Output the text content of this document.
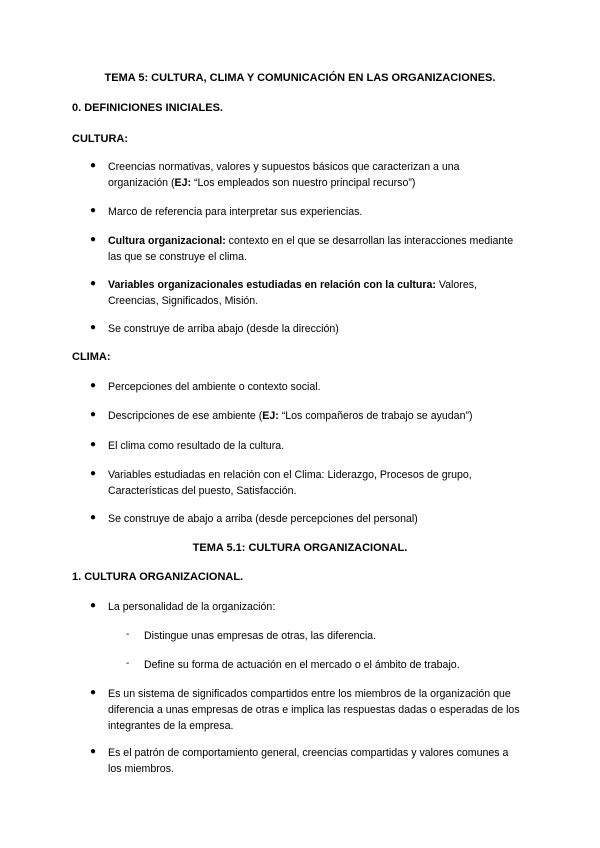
TEMA 5: CULTURA, CLIMA Y COMUNICACIÓN EN LAS ORGANIZACIONES.
0. DEFINICIONES INICIALES.
CULTURA:
●	Creencias normativas, valores y supuestos básicos que caracterizan a una organización (EJ: “Los empleados son nuestro principal recurso”)
●	Marco de referencia para interpretar sus experiencias.
●	Cultura organizacional: contexto en el que se desarrollan las interacciones mediante las que se construye el clima.
●	Variables organizacionales estudiadas en relación con la cultura: Valores, Creencias, Significados, Misión.
●	Se construye de arriba abajo (desde la dirección)
CLIMA:
●	Percepciones del ambiente o contexto social.
●	Descripciones de ese ambiente (EJ: “Los compañeros de trabajo se ayudan”)
●	El clima como resultado de la cultura.
●	Variables estudiadas en relación con el Clima: Liderazgo, Procesos de grupo, Características del puesto, Satisfacción.
●	Se construye de abajo a arriba (desde percepciones del personal)
TEMA 5.1: CULTURA ORGANIZACIONAL.
1. CULTURA ORGANIZACIONAL.
●	La personalidad de la organización:
- Distingue unas empresas de otras, las diferencia.
- Define su forma de actuación en el mercado o el ámbito de trabajo.
●	Es un sistema de significados compartidos entre los miembros de la organización que diferencia a unas empresas de otras e implica las respuestas dadas o esperadas de los integrantes de la empresa.
●	Es el patrón de comportamiento general, creencias compartidas y valores comunes a los miembros.
